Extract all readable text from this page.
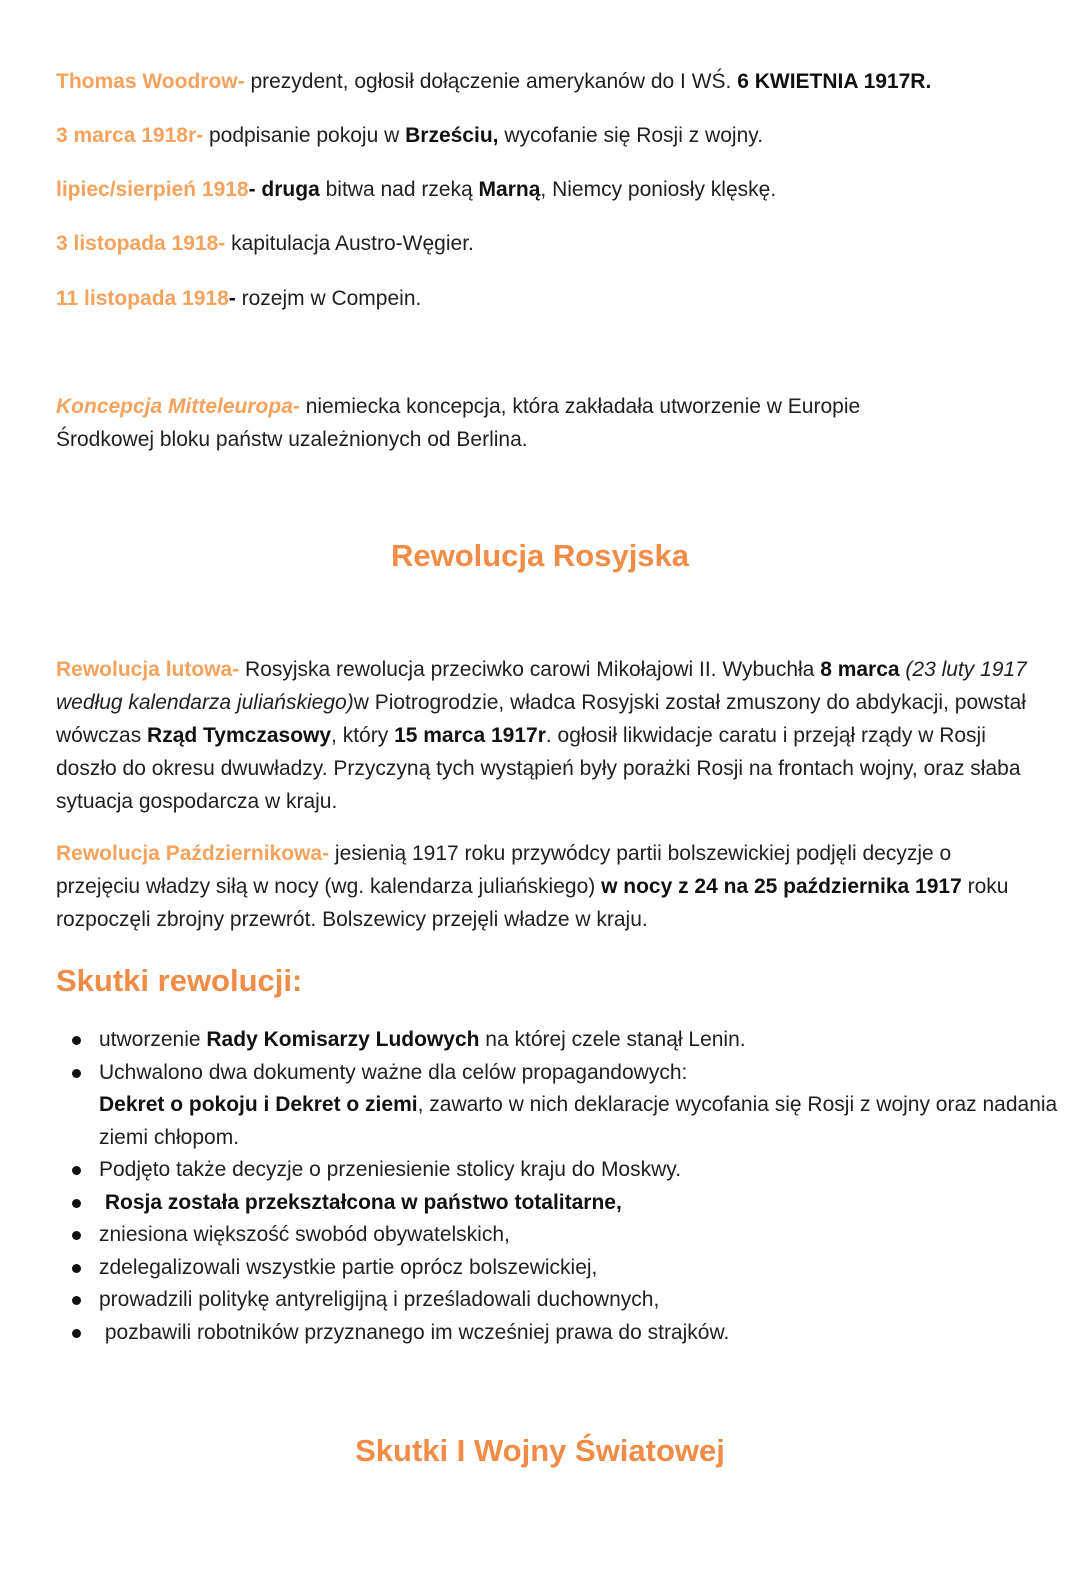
Thomas Woodrow- prezydent, ogłosił dołączenie amerykanów do I WŚ. 6 KWIETNIA 1917R.
3 marca 1918r- podpisanie pokoju w Brześciu, wycofanie się Rosji z wojny.
lipiec/sierpień 1918- druga bitwa nad rzeką Marną, Niemcy poniosły klęskę.
3 listopada 1918- kapitulacja Austro-Węgier.
11 listopada 1918- rozejm w Compein.
Koncepcja Mitteleuropa- niemiecka koncepcja, która zakładała utworzenie w Europie Środkowej bloku państw uzależnionych od Berlina.
Rewolucja Rosyjska
Rewolucja lutowa- Rosyjska rewolucja przeciwko carowi Mikołajowi II. Wybuchła 8 marca (23 luty 1917 według kalendarza juliańskiego)w Piotrogrodzie, władca Rosyjski został zmuszony do abdykacji, powstał wówczas Rząd Tymczasowy, który 15 marca 1917r. ogłosił likwidacje caratu i przejął rządy w Rosji doszło do okresu dwuwładzy. Przyczyną tych wystąpień były porażki Rosji na frontach wojny, oraz słaba sytuacja gospodarcza w kraju.
Rewolucja Październikowa- jesienią 1917 roku przywódcy partii bolszewickiej podjęli decyzje o przejęciu władzy siłą w nocy (wg. kalendarza juliańskiego) w nocy z 24 na 25 października 1917 roku rozpoczęli zbrojny przewrót. Bolszewicy przejęli władze w kraju.
Skutki rewolucji:
utworzenie Rady Komisarzy Ludowych na której czele stanął Lenin.
Uchwalono dwa dokumenty ważne dla celów propagandowych:
Dekret o pokoju i Dekret o ziemi, zawarto w nich deklaracje wycofania się Rosji z wojny oraz nadania ziemi chłopom.
Podjęto także decyzje o przeniesienie stolicy kraju do Moskwy.
Rosja została przekształcona w państwo totalitarne,
zniesiona większość swobód obywatelskich,
zdelegalizowali wszystkie partie oprócz bolszewickiej,
prowadzili politykę antyreligijną i prześladowali duchownych,
pozbawili robotników przyznanego im wcześniej prawa do strajków.
Skutki I Wojny Światowej
